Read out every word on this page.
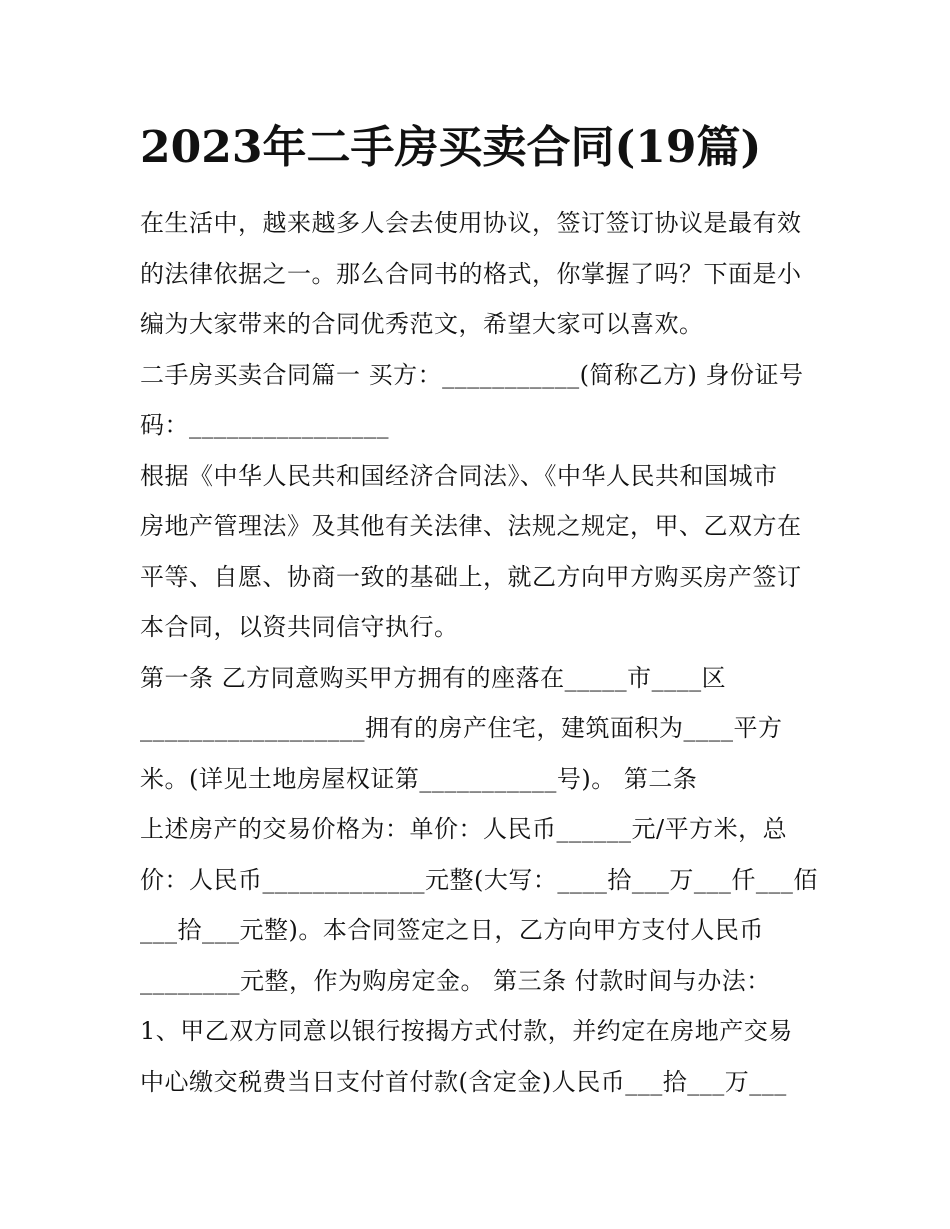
2023年二手房买卖合同(19篇)
在生活中，越来越多人会去使用协议，签订签订协议是最有效
的法律依据之一。那么合同书的格式，你掌握了吗？下面是小
编为大家带来的合同优秀范文，希望大家可以喜欢。
二手房买卖合同篇一 买方：___________(简称乙方) 身份证号
码：________________
根据《中华人民共和国经济合同法》、《中华人民共和国城市
房地产管理法》及其他有关法律、法规之规定，甲、乙双方在
平等、自愿、协商一致的基础上，就乙方向甲方购买房产签订
本合同，以资共同信守执行。
第一条 乙方同意购买甲方拥有的座落在_____市____区
__________________拥有的房产住宅，建筑面积为____平方
米。(详见土地房屋权证第___________号)。 第二条
上述房产的交易价格为：单价：人民币______元/平方米，总
价：人民币_____________元整(大写：____拾___万___仟___佰
___拾___元整)。本合同签定之日，乙方向甲方支付人民币
________元整，作为购房定金。 第三条 付款时间与办法：
1、甲乙双方同意以银行按揭方式付款，并约定在房地产交易
中心缴交税费当日支付首付款(含定金)人民币___拾___万___
